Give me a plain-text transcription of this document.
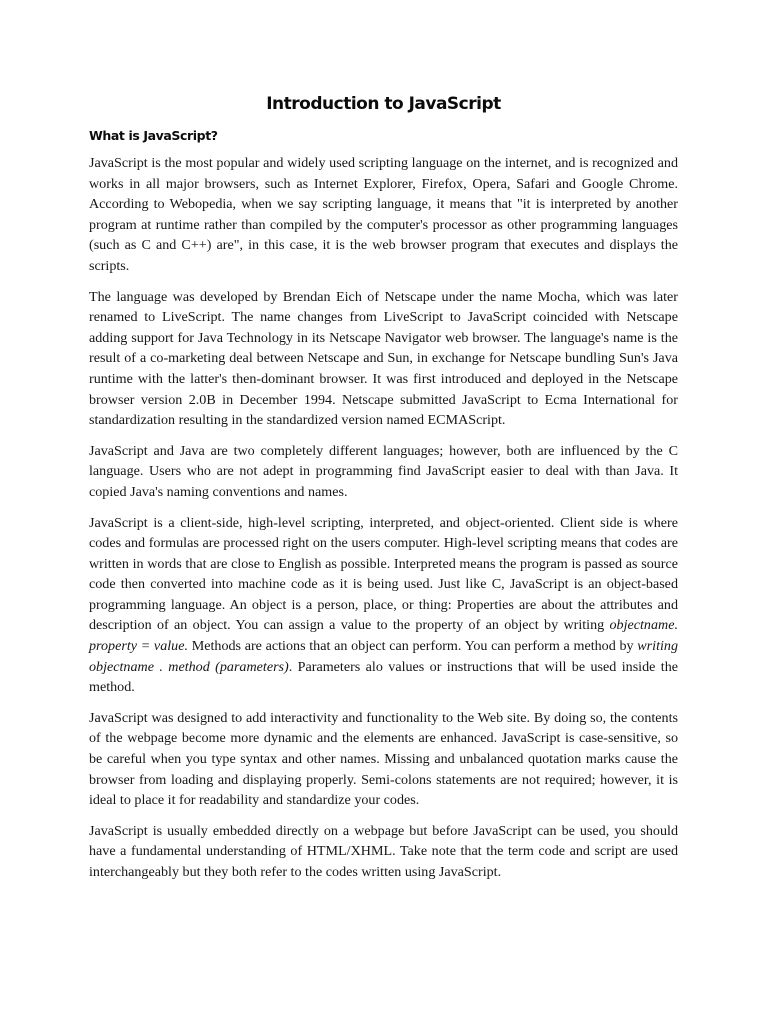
Introduction to JavaScript
What is JavaScript?

JavaScript is the most popular and widely used scripting language on the internet, and is recognized and works in all major browsers, such as Internet Explorer, Firefox, Opera, Safari and Google Chrome. According to Webopedia, when we say scripting language, it means that "it is interpreted by another program at runtime rather than compiled by the computer's processor as other programming languages (such as C and C++) are", in this case, it is the web browser program that executes and displays the scripts.

The language was developed by Brendan Eich of Netscape under the name Mocha, which was later renamed to LiveScript. The name changes from LiveScript to JavaScript coincided with Netscape adding support for Java Technology in its Netscape Navigator web browser. The language's name is the result of a co-marketing deal between Netscape and Sun, in exchange for Netscape bundling Sun's Java runtime with the latter's then-dominant browser. It was first introduced and deployed in the Netscape browser version 2.0B in December 1994. Netscape submitted JavaScript to Ecma International for standardization resulting in the standardized version named ECMAScript.

JavaScript and Java are two completely different languages; however, both are influenced by the C language. Users who are not adept in programming find JavaScript easier to deal with than Java. It copied Java's naming conventions and names.

JavaScript is a client-side, high-level scripting, interpreted, and object-oriented. Client side is where codes and formulas are processed right on the users computer. High-level scripting means that codes are written in words that are close to English as possible. Interpreted means the program is passed as source code then converted into machine code as it is being used. Just like C, JavaScript is an object-based programming language. An object is a person, place, or thing: Properties are about the attributes and description of an object. You can assign a value to the property of an object by writing objectname. property = value. Methods are actions that an object can perform. You can perform a method by writing objectname . method (parameters). Parameters alo values or instructions that will be used inside the method.

JavaScript was designed to add interactivity and functionality to the Web site. By doing so, the contents of the webpage become more dynamic and the elements are enhanced. JavaScript is case-sensitive, so be careful when you type syntax and other names. Missing and unbalanced quotation marks cause the browser from loading and displaying properly. Semi-colons statements are not required; however, it is ideal to place it for readability and standardize your codes.

JavaScript is usually embedded directly on a webpage but before JavaScript can be used, you should have a fundamental understanding of HTML/XHML. Take note that the term code and script are used interchangeably but they both refer to the codes written using JavaScript.
